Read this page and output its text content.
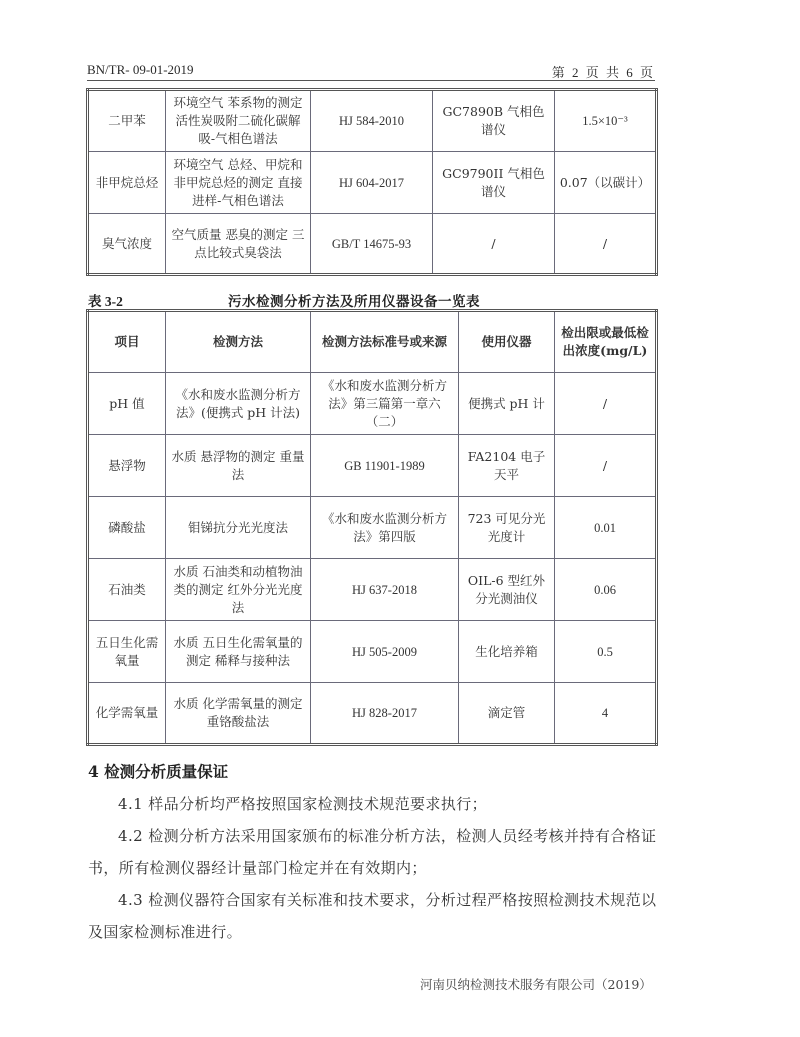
BN/TR- 09-01-2019	第 2 页 共 6 页
二甲苯	环境空气 苯系物的测定 活性炭吸附二硫化碳解吸-气相色谱法	HJ 584-2010	GC7890B 气相色谱仪	1.5×10⁻³
非甲烷总烃	环境空气 总烃、甲烷和非甲烷总烃的测定 直接进样-气相色谱法	HJ 604-2017	GC9790II 气相色谱仪	0.07（以碳计）
臭气浓度	空气质量 恶臭的测定 三点比较式臭袋法	GB/T 14675-93	/	/
表 3-2	污水检测分析方法及所用仪器设备一览表
项目	检测方法	检测方法标准号或来源	使用仪器	检出限或最低检出浓度(mg/L)
pH 值	《水和废水监测分析方法》(便携式 pH 计法)	《水和废水监测分析方法》第三篇第一章六（二）	便携式 pH 计	/
悬浮物	水质 悬浮物的测定 重量法	GB 11901-1989	FA2104 电子天平	/
磷酸盐	钼锑抗分光光度法	《水和废水监测分析方法》第四版	723 可见分光光度计	0.01
石油类	水质 石油类和动植物油类的测定 红外分光光度法	HJ 637-2018	OIL-6 型红外分光测油仪	0.06
五日生化需氧量	水质 五日生化需氧量的测定 稀释与接种法	HJ 505-2009	生化培养箱	0.5
化学需氧量	水质 化学需氧量的测定 重铬酸盐法	HJ 828-2017	滴定管	4
4 检测分析质量保证
4.1 样品分析均严格按照国家检测技术规范要求执行；
4.2 检测分析方法采用国家颁布的标准分析方法，检测人员经考核并持有合格证书，所有检测仪器经计量部门检定并在有效期内；
4.3 检测仪器符合国家有关标准和技术要求，分析过程严格按照检测技术规范以及国家检测标准进行。
河南贝纳检测技术服务有限公司（2019）
